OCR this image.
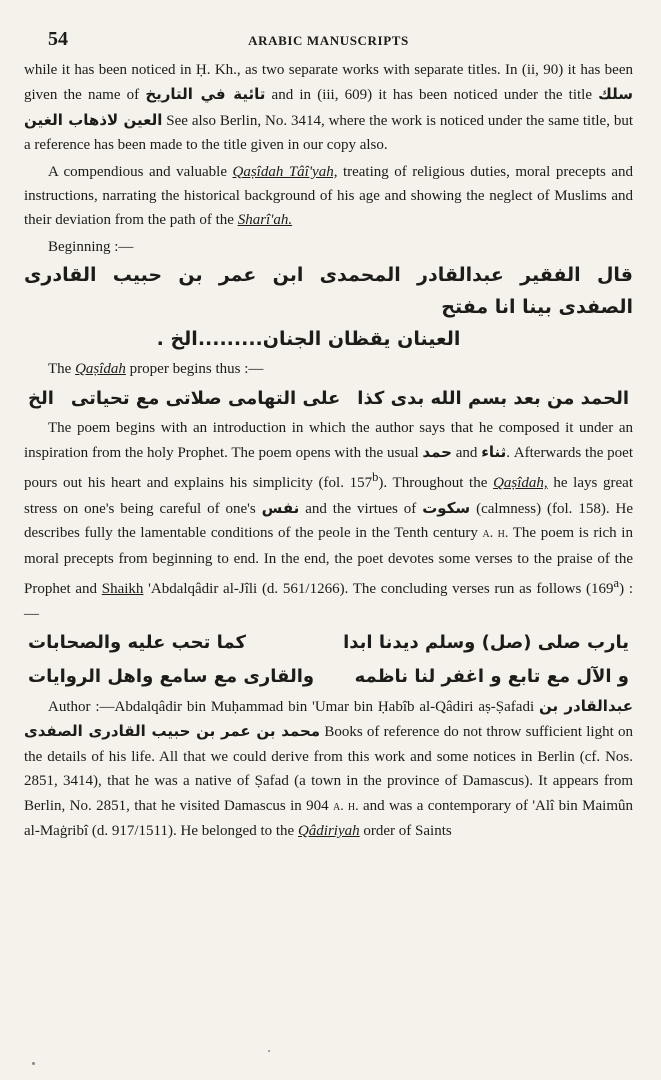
54	ARABIC MANUSCRIPTS

while it has been noticed in Ḥ. Kh., as two separate works with separate titles. In (ii, 90) it has been given the name of تائية في التاريخ and in (iii, 609) it has been noticed under the title سلك العين لاذهاب الغين See also Berlin, No. 3414, where the work is noticed under the same title, but a reference has been made to the title given in our copy also.

A compendious and valuable Qaṣîdah Tâî'yah, treating of religious duties, moral precepts and instructions, narrating the historical background of his age and showing the neglect of Muslims and their deviation from the path of the Sharî'ah.

Beginning :—

قال الفقير عبدالقادر المحمدى ابن عمر بن حبيب القادرى الصفدى بينا انا مفتح
العينان يقظان الجنان.........الخ .

The Qaṣîdah proper begins thus :—

الحمد من بعد بسم الله بدى كذا
على التهامى صلاتى مع تحياتى
الخ

The poem begins with an introduction in which the author says that he composed it under an inspiration from the holy Prophet. The poem opens with the usual حمد and ثناء. Afterwards the poet pours out his heart and explains his simplicity (fol. 157$^b$). Throughout the Qaṣîdah, he lays great stress on one's being careful of one's نفس and the virtues of سكوت (calmness) (fol. 158). He describes fully the lamentable conditions of the peole in the Tenth century a. h. The poem is rich in moral precepts from beginning to end. In the end, the poet devotes some verses to the praise of the Prophet and Shaikh 'Abdalqâdir al-Jîli (d. 561/1266). The concluding verses run as follows (169$^a$) :—

يارب صلى (صل) وسلم ديدنا ابدا
كما تحب عليه والصحابات
و الآل مع تابع و اغفر لنا ناظمه
والقارى مع سامع واهل الروايات

Author :—Abdalqâdir bin Muḥammad bin 'Umar bin Ḥabîb al-Qâdiri aṣ-Ṣafadi عبدالقادر بن محمد بن عمر بن حبيب القادرى الصفدى Books of reference do not throw sufficient light on the details of his life. All that we could derive from this work and some notices in Berlin (cf. Nos. 2851, 3414), that he was a native of Ṣafad (a town in the province of Damascus). It appears from Berlin, No. 2851, that he visited Damascus in 904 a. h. and was a contemporary of 'Alî bin Maimûn al-Maġribî (d. 917/1511). He belonged to the Qâdiriyah order of Saints
